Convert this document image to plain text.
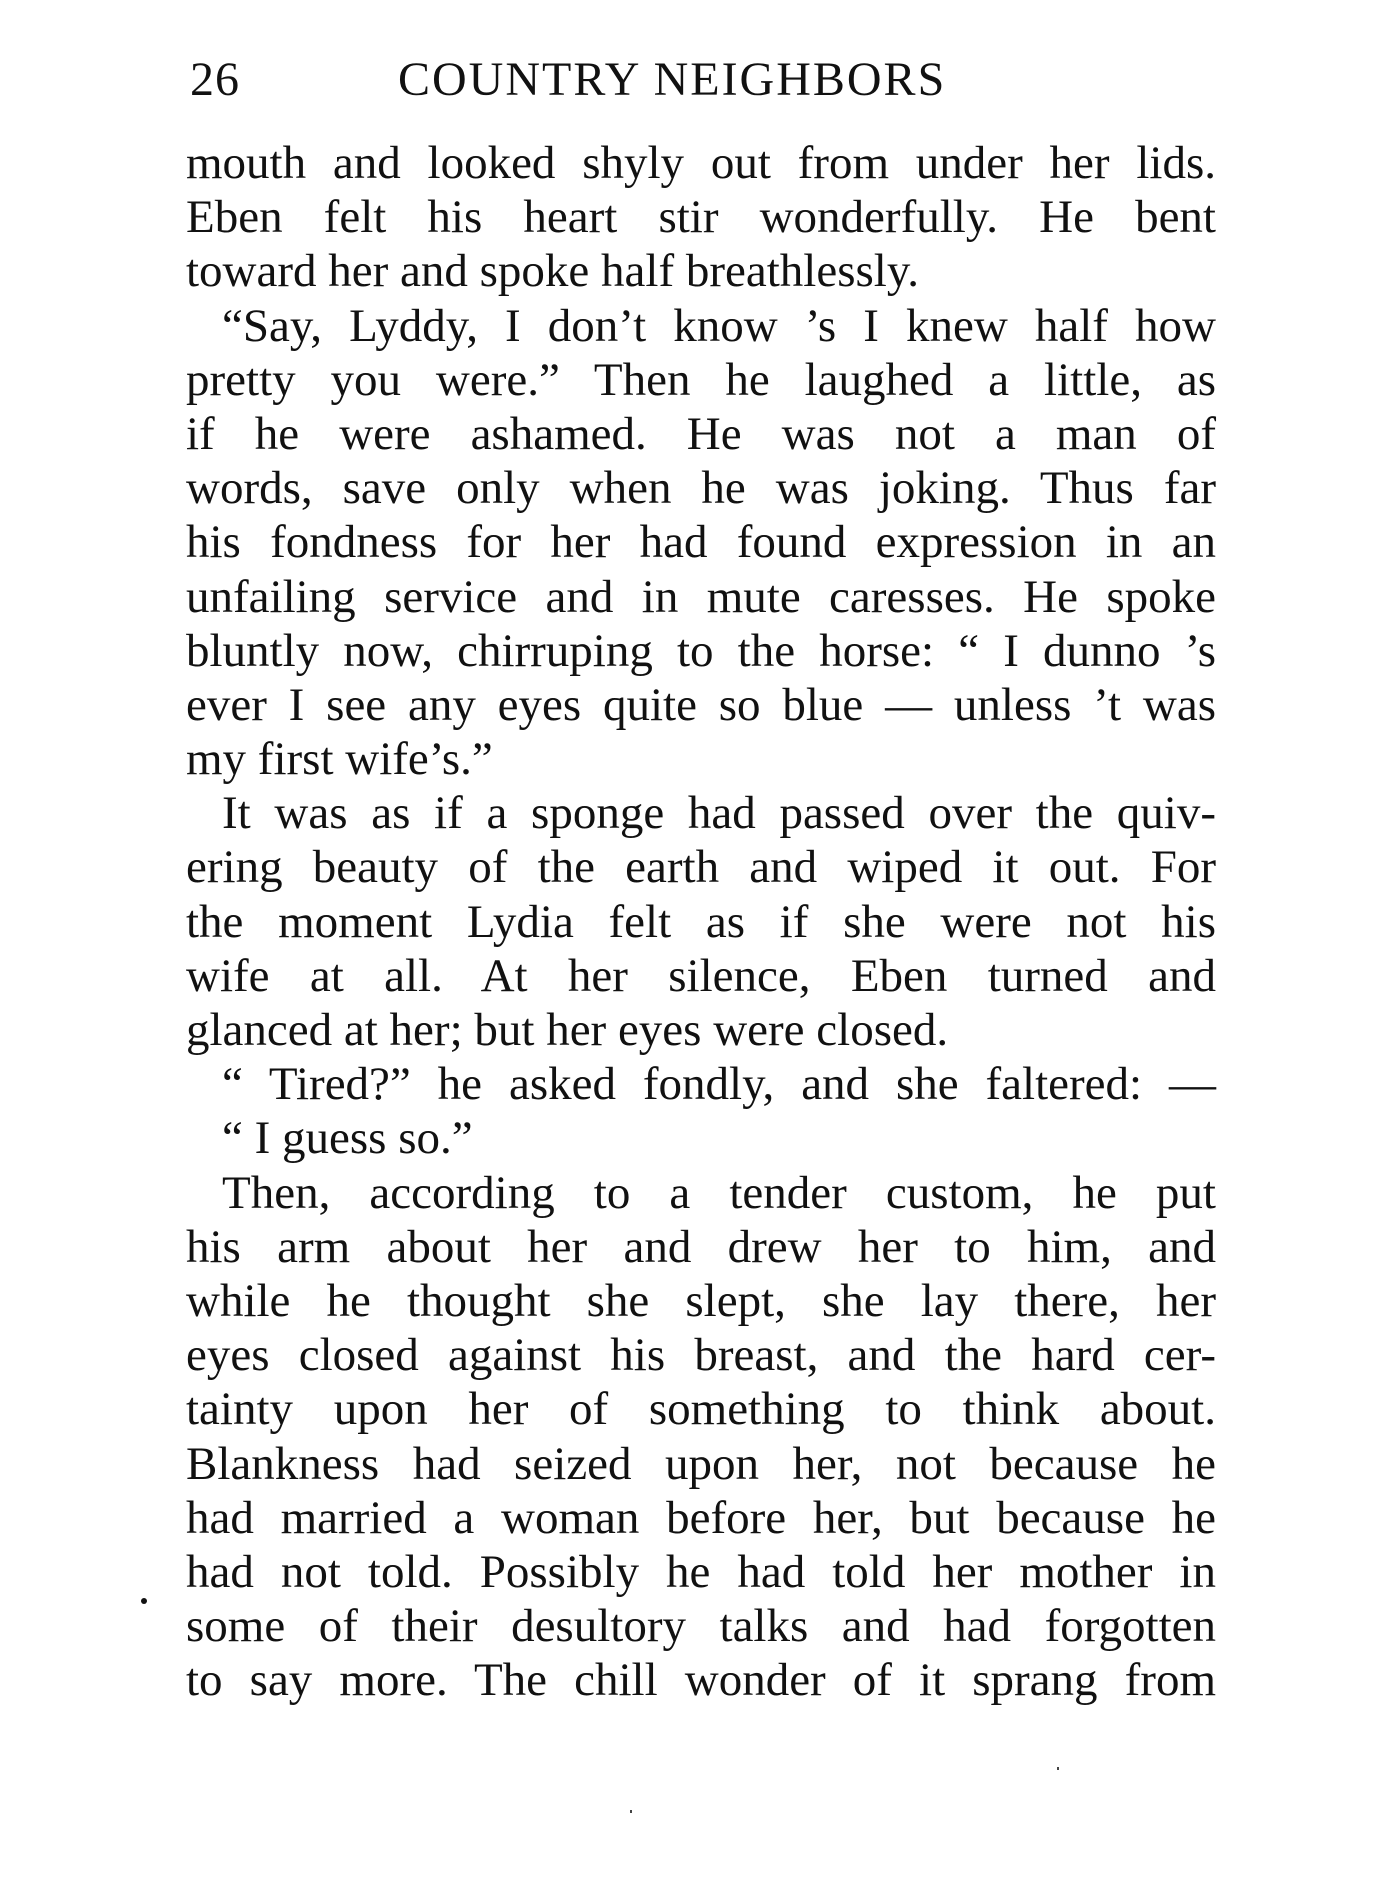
26	COUNTRY NEIGHBORS
mouth and looked shyly out from under her lids.
Eben felt his heart stir wonderfully. He bent
toward her and spoke half breathlessly.
“Say, Lyddy, I don’t know ’s I knew half how
pretty you were.” Then he laughed a little, as
if he were ashamed. He was not a man of
words, save only when he was joking. Thus far
his fondness for her had found expression in an
unfailing service and in mute caresses. He spoke
bluntly now, chirruping to the horse: “ I dunno ’s
ever I see any eyes quite so blue — unless ’t was
my first wife’s.”
It was as if a sponge had passed over the quiv-
ering beauty of the earth and wiped it out. For
the moment Lydia felt as if she were not his
wife at all. At her silence, Eben turned and
glanced at her; but her eyes were closed.
“ Tired?” he asked fondly, and she faltered: —
“ I guess so.”
Then, according to a tender custom, he put
his arm about her and drew her to him, and
while he thought she slept, she lay there, her
eyes closed against his breast, and the hard cer-
tainty upon her of something to think about.
Blankness had seized upon her, not because he
had married a woman before her, but because he
had not told. Possibly he had told her mother in
some of their desultory talks and had forgotten
to say more. The chill wonder of it sprang from
